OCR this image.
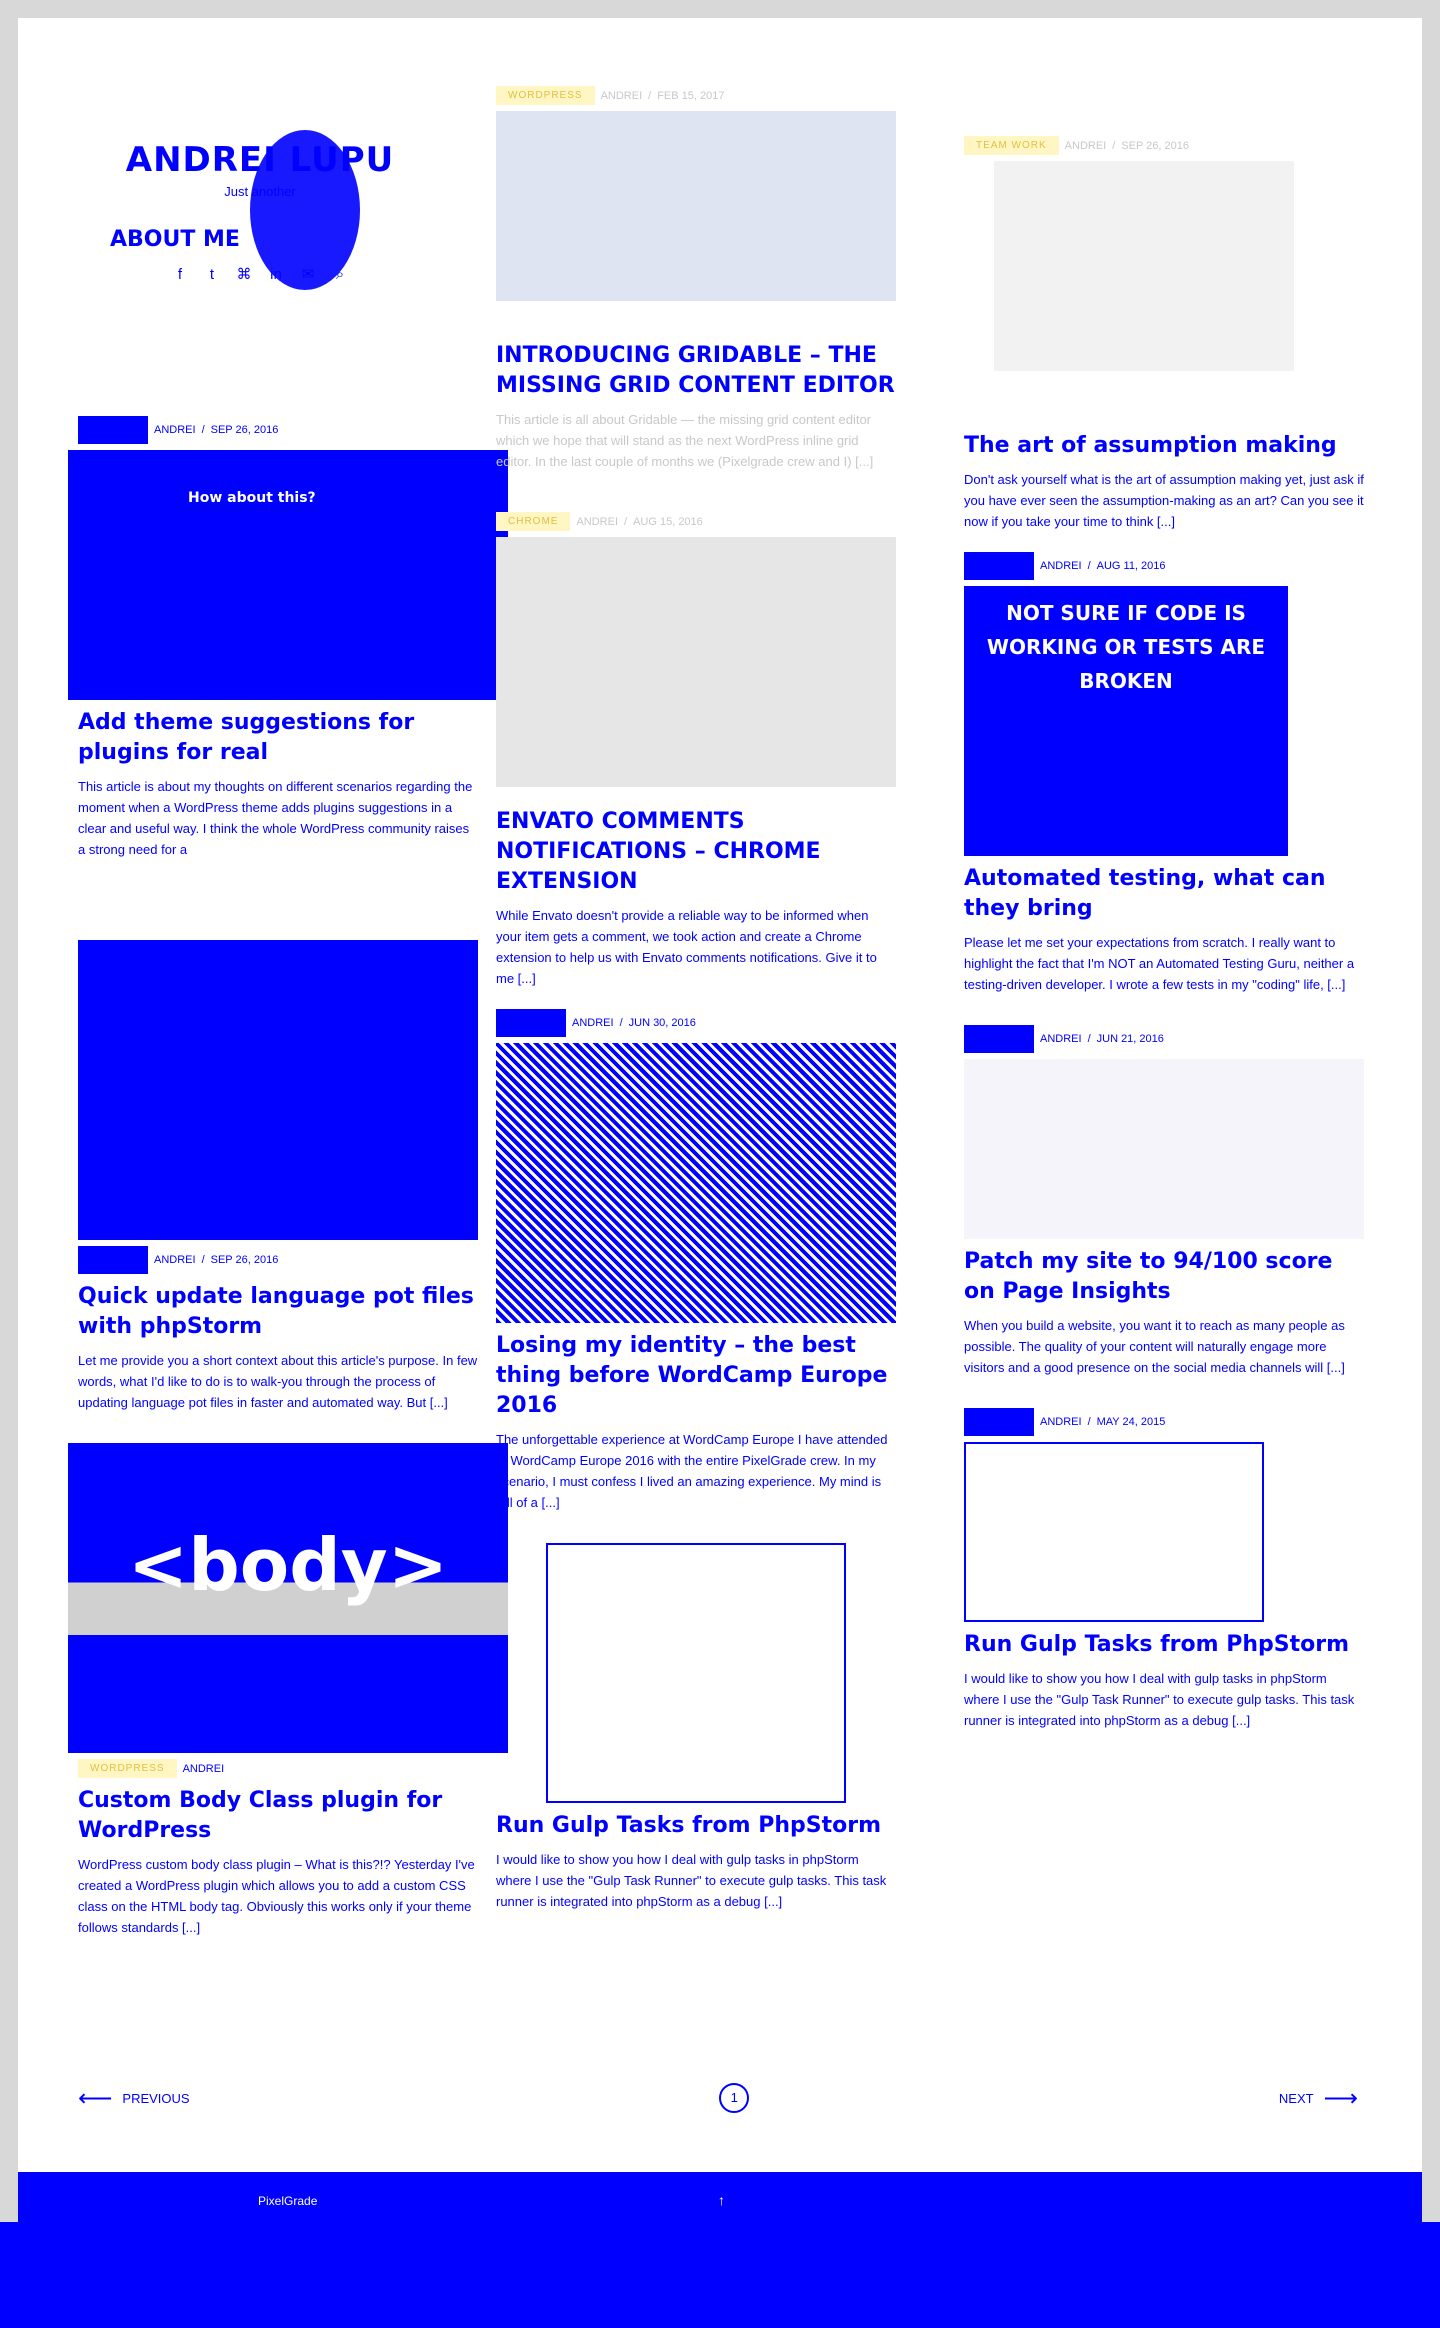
ANDREI LUPU
Just another
ABOUT ME
f	t	⌘ in ✉	⌕
ANDREI / SEP 26, 2016
How about this?
Add theme suggestions for plugins for real
This article is about my thoughts on different scenarios regarding the moment when a WordPress theme adds plugins suggestions in a clear and useful way. I think the whole WordPress community raises a strong need for a
ANDREI / SEP 26, 2016
Quick update language pot files with phpStorm
Let me provide you a short context about this article's purpose. In few words, what I'd like to do is to walk-you through the process of updating language pot files in faster and automated way. But [...]
<body>
WORDPRESS	ANDREI
Custom Body Class plugin for WordPress
WordPress custom body class plugin – What is this?!? Yesterday I've created a WordPress plugin which allows you to add a custom CSS class on the HTML body tag. Obviously this works only if your theme follows standards [...]
WORDPRESS	ANDREI / FEB 15, 2017
INTRODUCING GRIDABLE – THE MISSING GRID CONTENT EDITOR
This article is all about Gridable — the missing grid content editor which we hope that will stand as the next WordPress inline grid editor. In the last couple of months we (Pixelgrade crew and I) [...]
CHROME	ANDREI / AUG 15, 2016
ENVATO COMMENTS NOTIFICATIONS – CHROME EXTENSION
While Envato doesn't provide a reliable way to be informed when your item gets a comment, we took action and create a Chrome extension to help us with Envato comments notifications. Give it to me [...]
ANDREI / JUN 30, 2016
Losing my identity – the best thing before WordCamp Europe 2016
The unforgettable experience at WordCamp Europe I have attended to WordCamp Europe 2016 with the entire PixelGrade crew. In my scenario, I must confess I lived an amazing experience. My mind is full of a [...]
Run Gulp Tasks from PhpStorm
I would like to show you how I deal with gulp tasks in phpStorm where I use the "Gulp Task Runner" to execute gulp tasks. This task runner is integrated into phpStorm as a debug [...]
TEAM WORK	ANDREI / SEP 26, 2016
The art of assumption making
Don't ask yourself what is the art of assumption making yet, just ask if you have ever seen the assumption-making as an art? Can you see it now if you take your time to think [...]
ANDREI / AUG 11, 2016
NOT SURE IF CODE IS WORKING OR TESTS ARE BROKEN
Automated testing, what can they bring
Please let me set your expectations from scratch. I really want to highlight the fact that I'm NOT an Automated Testing Guru, neither a testing-driven developer. I wrote a few tests in my "coding" life, [...]
ANDREI / JUN 21, 2016
Patch my site to 94/100 score on Page Insights
When you build a website, you want it to reach as many people as possible. The quality of your content will naturally engage more visitors and a good presence on the social media channels will [...]
ANDREI / MAY 24, 2015
Run Gulp Tasks from PhpStorm
I would like to show you how I deal with gulp tasks in phpStorm where I use the "Gulp Task Runner" to execute gulp tasks. This task runner is integrated into phpStorm as a debug [...]
⟵ PREVIOUS	1	NEXT ⟶
PixelGrade	↑
